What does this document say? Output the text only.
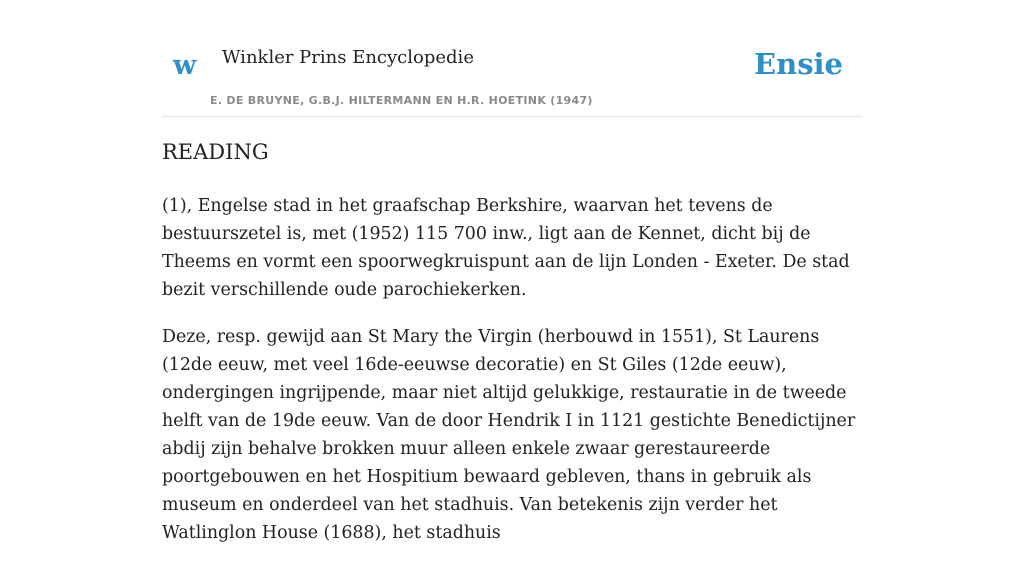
w Winkler Prins Encyclopedie
E. DE BRUYNE, G.B.J. HILTERMANN EN H.R. HOETINK (1947)
Ensie
READING

(1), Engelse stad in het graafschap Berkshire, waarvan het tevens de bestuurszetel is, met (1952) 115 700 inw., ligt aan de Kennet, dicht bij de Theems en vormt een spoorwegkruispunt aan de lijn Londen - Exeter. De stad bezit verschillende oude parochiekerken.

Deze, resp. gewijd aan St Mary the Virgin (herbouwd in 1551), St Laurens (12de eeuw, met veel 16de-eeuwse decoratie) en St Giles (12de eeuw), ondergingen ingrijpende, maar niet altijd gelukkige, restauratie in de tweede helft van de 19de eeuw. Van de door Hendrik I in 1121 gestichte Benedictijner abdij zijn behalve brokken muur alleen enkele zwaar gerestaureerde poortgebouwen en het Hospitium bewaard gebleven, thans in gebruik als museum en onderdeel van het stadhuis. Van betekenis zijn verder het Watlinglon House (1688), het stadhuis
